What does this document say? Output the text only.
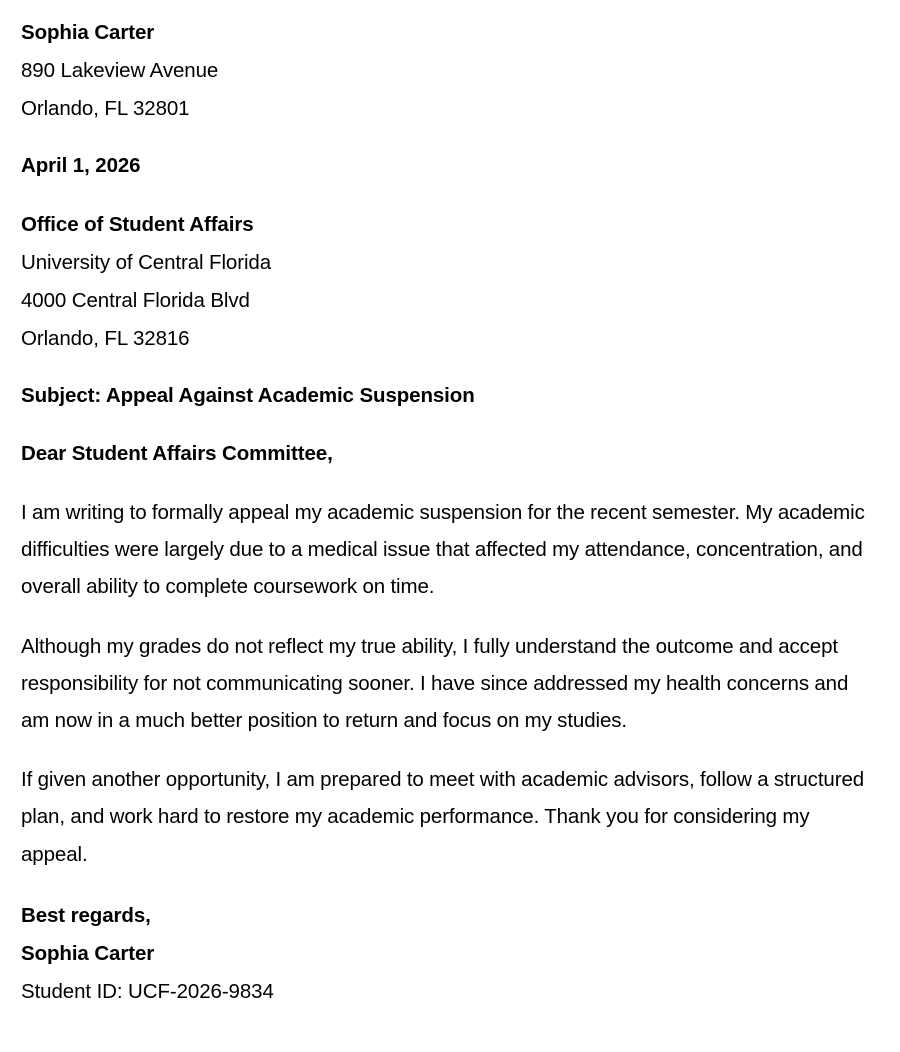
Sophia Carter
890 Lakeview Avenue
Orlando, FL 32801
April 1, 2026
Office of Student Affairs
University of Central Florida
4000 Central Florida Blvd
Orlando, FL 32816
Subject: Appeal Against Academic Suspension
Dear Student Affairs Committee,

I am writing to formally appeal my academic suspension for the recent semester. My academic difficulties were largely due to a medical issue that affected my attendance, concentration, and overall ability to complete coursework on time.

Although my grades do not reflect my true ability, I fully understand the outcome and accept responsibility for not communicating sooner. I have since addressed my health concerns and am now in a much better position to return and focus on my studies.

If given another opportunity, I am prepared to meet with academic advisors, follow a structured plan, and work hard to restore my academic performance. Thank you for considering my appeal.

Best regards,
Sophia Carter
Student ID: UCF-2026-9834
